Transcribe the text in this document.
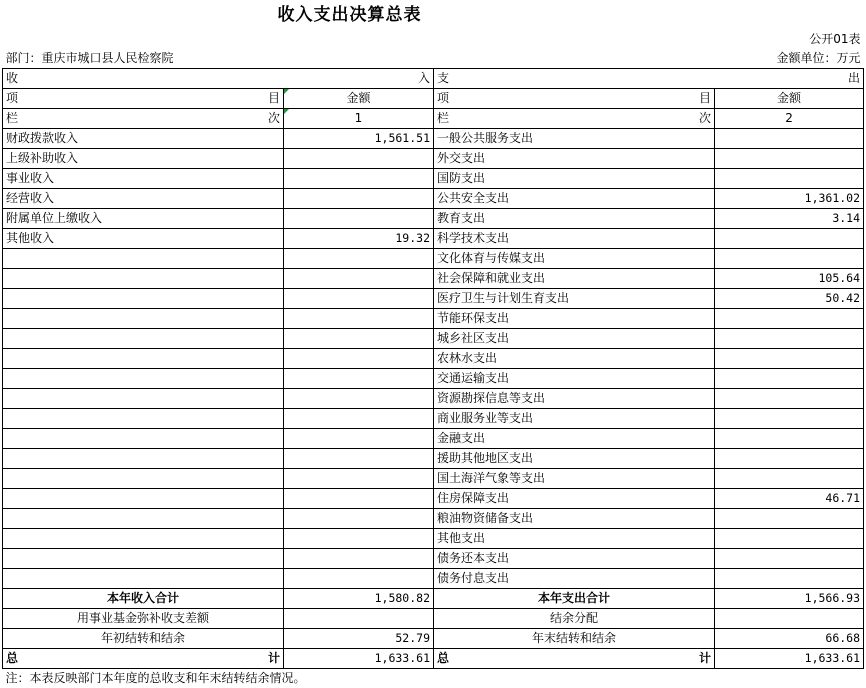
收入支出决算总表			

			公开01表
部门：重庆市城口县人民检察院			金额单位：万元

收 入		支 出	

项 目	金额	项 目	金额

栏 次	1	栏 次	2
财政拨款收入	1,561.51	一般公共服务支出	
上级补助收入		外交支出	
事业收入		国防支出	
经营收入		公共安全支出	1,361.02
附属单位上缴收入		教育支出	3.14
其他收入	19.32	科学技术支出	
		文化体育与传媒支出	
		社会保障和就业支出	105.64
		医疗卫生与计划生育支出	50.42
		节能环保支出	
		城乡社区支出	
		农林水支出	
		交通运输支出	
		资源勘探信息等支出	
		商业服务业等支出	
		金融支出	
		援助其他地区支出	
		国土海洋气象等支出	
		住房保障支出	46.71
		粮油物资储备支出	
		其他支出	
		债务还本支出	
		债务付息支出	
本年收入合计	1,580.82	本年支出合计	1,566.93
用事业基金弥补收支差额		结余分配	
年初结转和结余	52.79	年末结转和结余	66.68

总 计	1,633.61	总 计	1,633.61
注：本表反映部门本年度的总收支和年末结转结余情况。			
